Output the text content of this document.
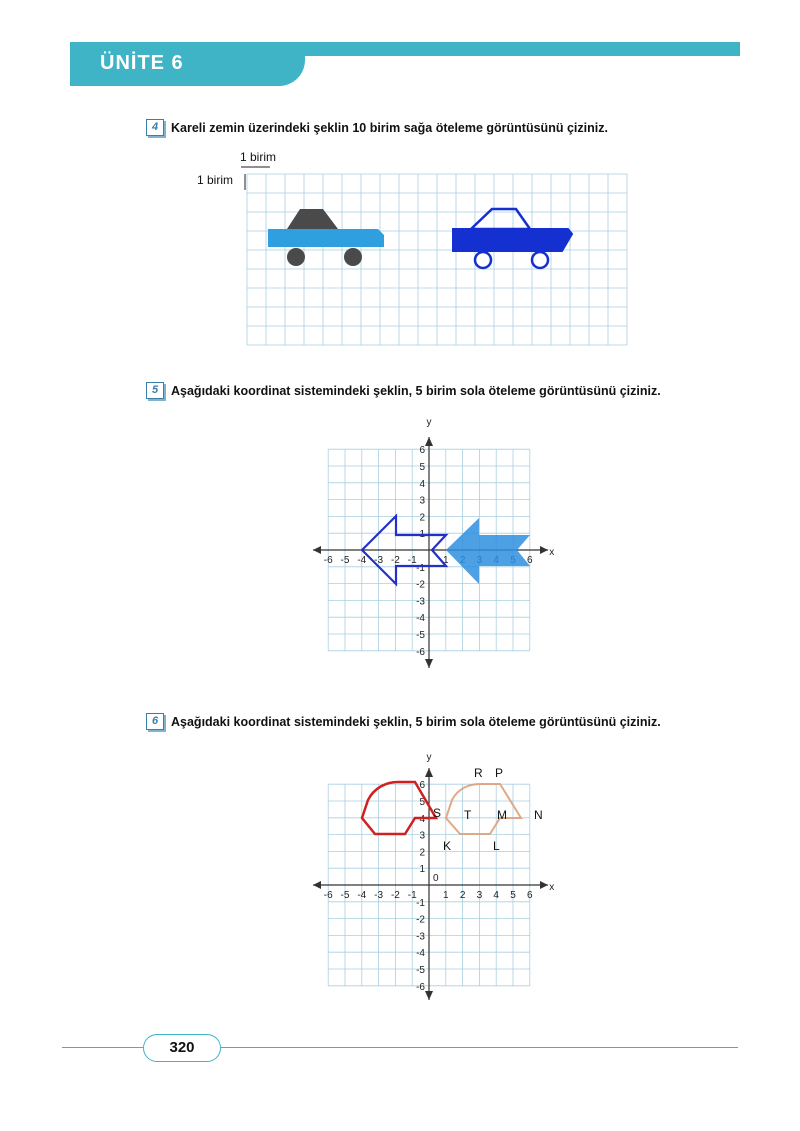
ÜNİTE 6
4	Kareli zemin üzerindeki şeklin 10 birim sağa öteleme görüntüsünü çiziniz.
1 birim
1 birim
5	Aşağıdaki koordinat sistemindeki şeklin, 5 birim sola öteleme görüntüsünü çiziniz.
6	Aşağıdaki koordinat sistemindeki şeklin, 5 birim sola öteleme görüntüsünü çiziniz.
-6 -5 -4 -3 -2 -1	1	6
6
5
4
3
2
1
-1
-2
-3
-4
-5
-6
x
y
-6 -5 -4 -3 -2 -1	1 2 3 4 5 6
6
5
4
3
2
1
-1
-2
-3
-4
-5
-6
x
y
0
R P
S T M N
K	L
320
